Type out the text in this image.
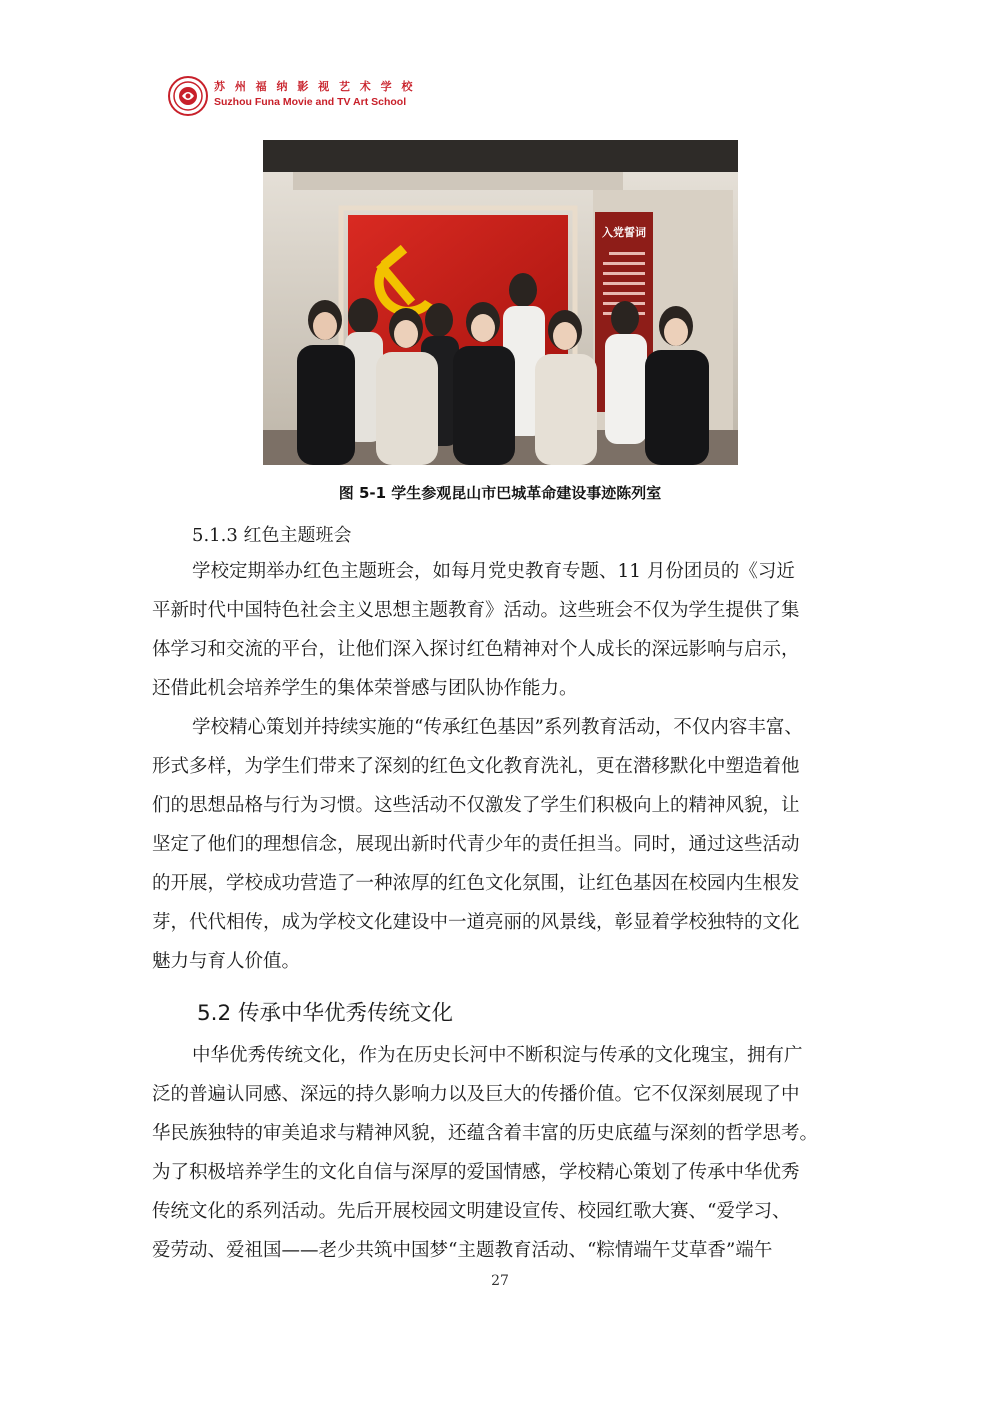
苏 州 福 纳 影 视 艺 术 学 校
Suzhou Funa Movie and TV Art School
入党誓词
图 5-1 学生参观昆山市巴城革命建设事迹陈列室
5.1.3 红色主题班会
学校定期举办红色主题班会，如每月党史教育专题、11 月份团员的《习近
平新时代中国特色社会主义思想主题教育》活动。这些班会不仅为学生提供了集
体学习和交流的平台，让他们深入探讨红色精神对个人成长的深远影响与启示，
还借此机会培养学生的集体荣誉感与团队协作能力。
学校精心策划并持续实施的“传承红色基因”系列教育活动，不仅内容丰富、
形式多样，为学生们带来了深刻的红色文化教育洗礼，更在潜移默化中塑造着他
们的思想品格与行为习惯。这些活动不仅激发了学生们积极向上的精神风貌，让
坚定了他们的理想信念，展现出新时代青少年的责任担当。同时，通过这些活动
的开展，学校成功营造了一种浓厚的红色文化氛围，让红色基因在校园内生根发
芽，代代相传，成为学校文化建设中一道亮丽的风景线，彰显着学校独特的文化
魅力与育人价值。
5.2 传承中华优秀传统文化
中华优秀传统文化，作为在历史长河中不断积淀与传承的文化瑰宝，拥有广
泛的普遍认同感、深远的持久影响力以及巨大的传播价值。它不仅深刻展现了中
华民族独特的审美追求与精神风貌，还蕴含着丰富的历史底蕴与深刻的哲学思考。
为了积极培养学生的文化自信与深厚的爱国情感，学校精心策划了传承中华优秀
传统文化的系列活动。先后开展校园文明建设宣传、校园红歌大赛、“爱学习、
爱劳动、爱祖国——老少共筑中国梦“主题教育活动、“粽情端午艾草香”端午
27
